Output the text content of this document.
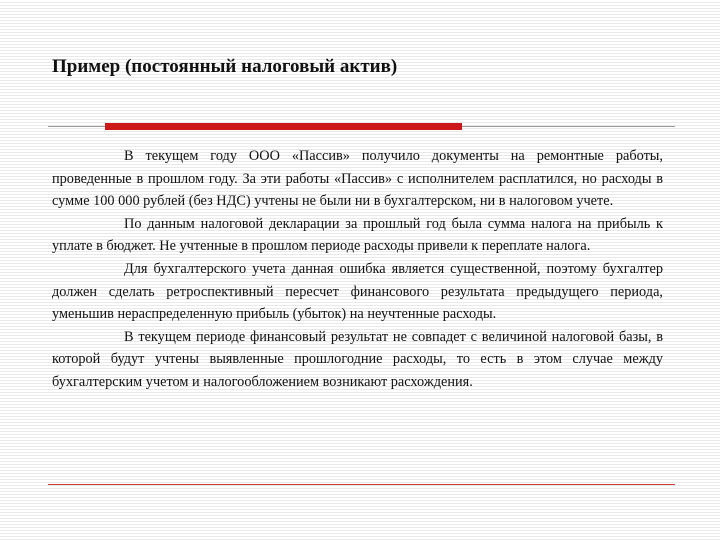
Пример (постоянный налоговый актив)

В текущем году ООО «Пассив» получило документы на ремонтные работы, проведенные в прошлом году. За эти работы «Пассив» с исполнителем расплатился, но расходы в сумме 100 000 рублей (без НДС) учтены не были ни в бухгалтерском, ни в налоговом учете.

По данным налоговой декларации за прошлый год была сумма налога на прибыль к уплате в бюджет. Не учтенные в прошлом периоде расходы привели к переплате налога.

Для бухгалтерского учета данная ошибка является существенной, поэтому бухгалтер должен сделать ретроспективный пересчет финансового результата предыдущего периода, уменьшив нераспределенную прибыль (убыток) на неучтенные расходы.

В текущем периоде финансовый результат не совпадет с величиной налоговой базы, в которой будут учтены выявленные прошлогодние расходы, то есть в этом случае между бухгалтерским учетом и налогообложением возникают расхождения.
